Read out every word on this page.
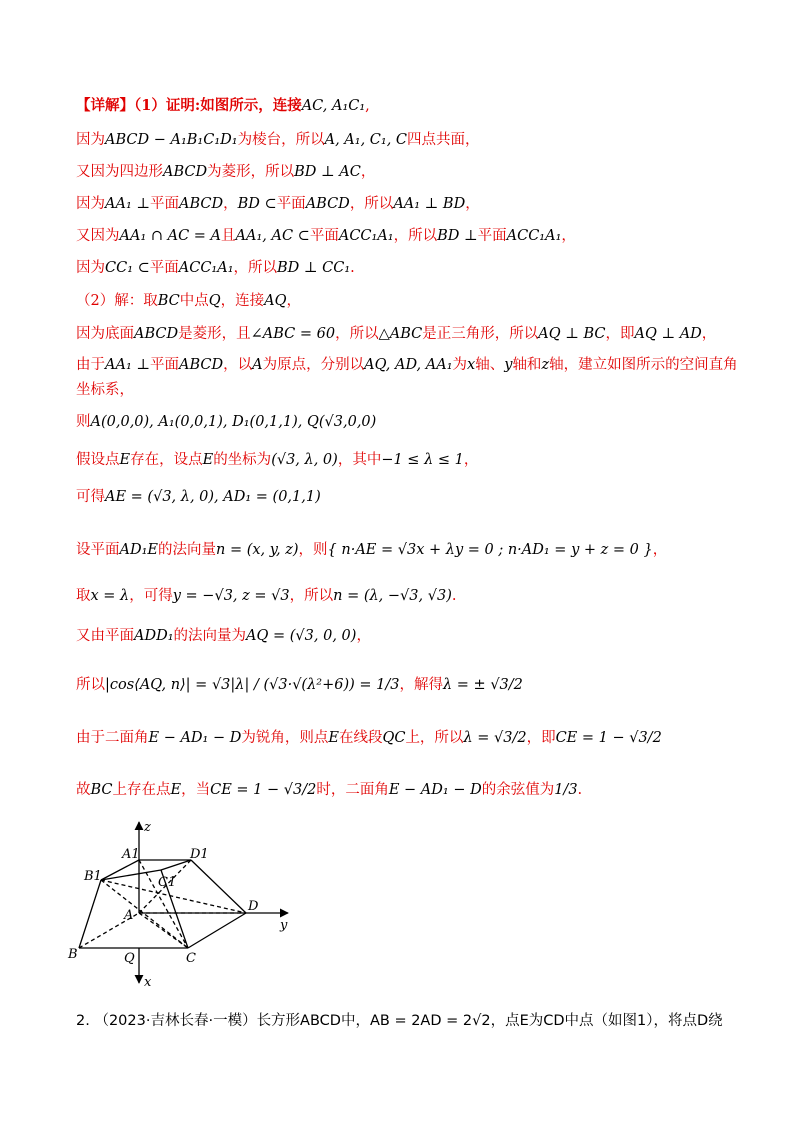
【详解】（1）证明:如图所示，连接AC, A₁C₁,
因为ABCD − A₁B₁C₁D₁为棱台，所以A, A₁, C₁, C四点共面，
又因为四边形ABCD为菱形，所以BD ⊥ AC，
因为AA₁ ⊥平面ABCD，BD ⊂平面ABCD，所以AA₁ ⊥ BD，
又因为AA₁ ∩ AC = A且AA₁, AC ⊂平面ACC₁A₁，所以BD ⊥平面ACC₁A₁，
因为CC₁ ⊂平面ACC₁A₁，所以BD ⊥ CC₁.
（2）解：取BC中点Q，连接AQ，
因为底面ABCD是菱形，且∠ABC = 60，所以△ABC是正三角形，所以AQ ⊥ BC，即AQ ⊥ AD，
由于AA₁ ⊥平面ABCD，以A为原点，分别以AQ, AD, AA₁为x轴、y轴和z轴，建立如图所示的空间直角
坐标系，
则A(0,0,0), A₁(0,0,1), D₁(0,1,1), Q(√3,0,0)
假设点E存在，设点E的坐标为(√3, λ, 0)，其中−1 ≤ λ ≤ 1，
可得AE = (√3, λ, 0), AD₁ = (0,1,1)
设平面AD₁E的法向量n = (x, y, z)，则{ n·AE = √3x + λy = 0 ; n·AD₁ = y + z = 0 }，
取x = λ，可得y = −√3, z = √3，所以n = (λ, −√3, √3).
又由平面ADD₁的法向量为AQ = (√3, 0, 0)，
所以|cos⟨AQ, n⟩| = √3|λ| / (√3·√(λ²+6)) = 1/3，解得λ = ± √3/2
由于二面角E − AD₁ − D为锐角，则点E在线段QC上，所以λ = √3/2，即CE = 1 − √3/2
故BC上存在点E，当CE = 1 − √3/2时，二面角E − AD₁ − D的余弦值为1/3.
z
y
x
A1	D1
B1	C1
A
D
B	Q	C
2. （2023·吉林长春·一模）长方形ABCD中，AB = 2AD = 2√2，点E为CD中点（如图1），将点D绕
